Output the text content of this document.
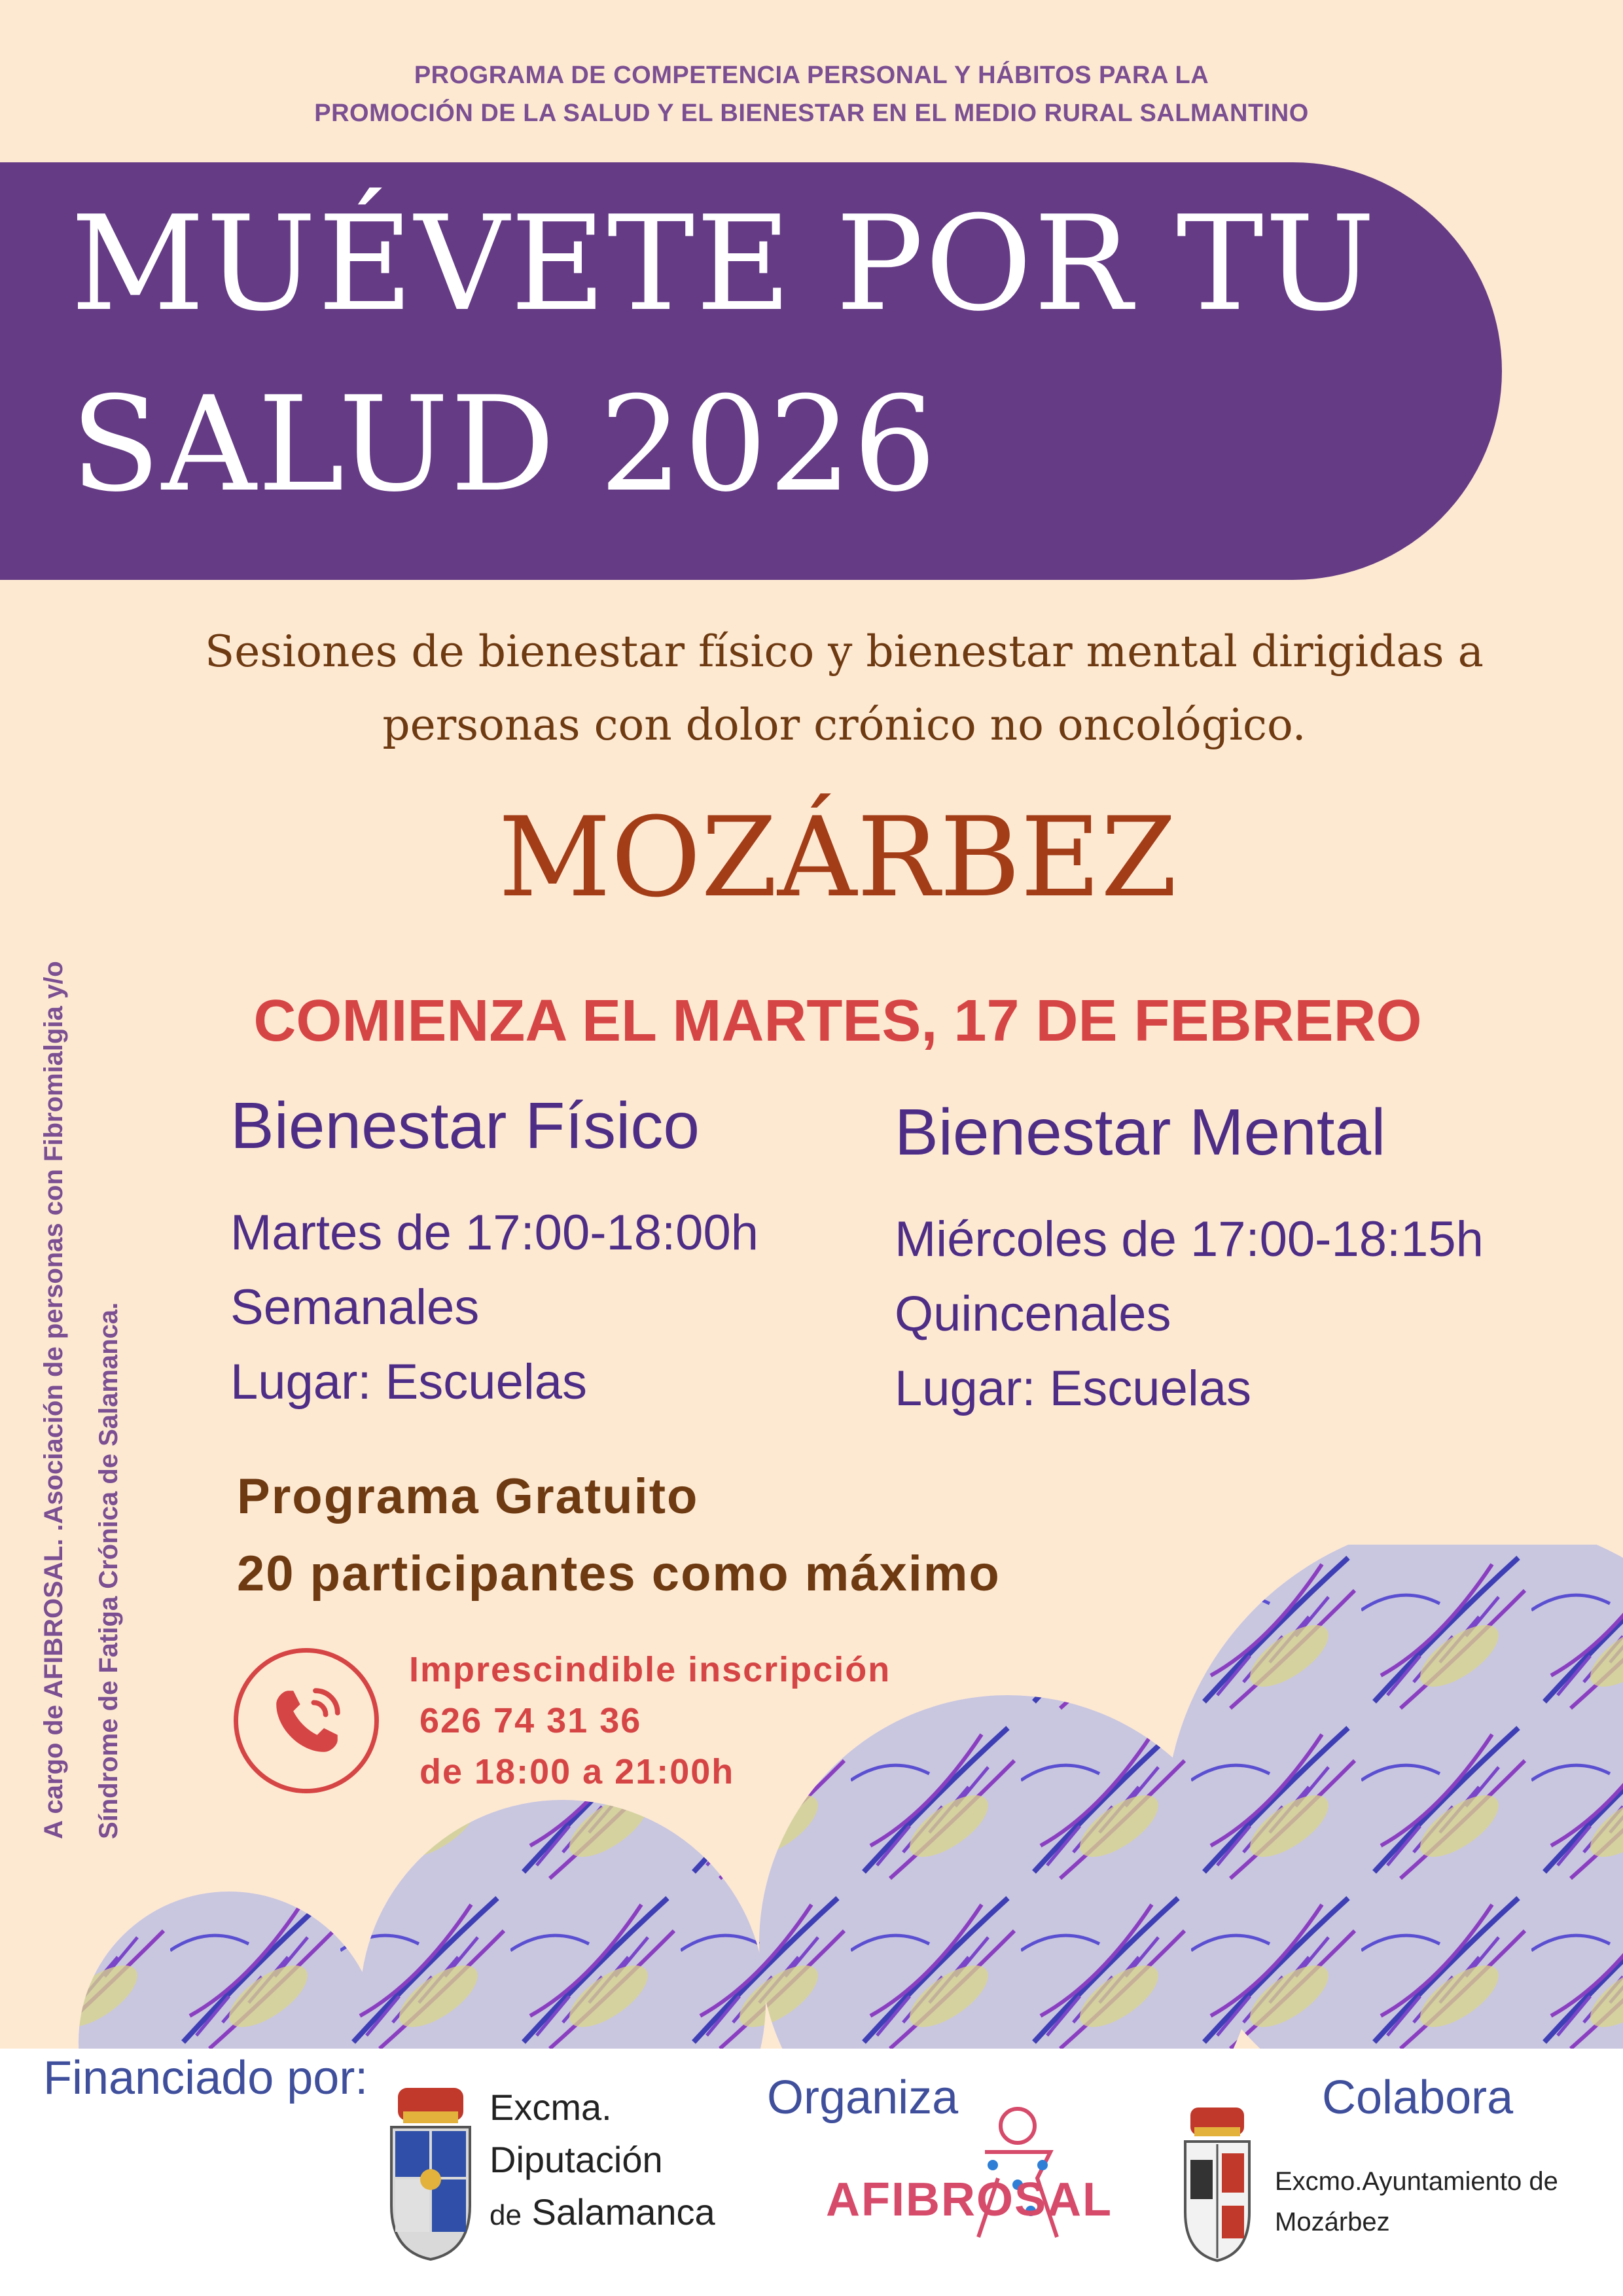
PROGRAMA DE COMPETENCIA PERSONAL Y HÁBITOS PARA LA
PROMOCIÓN DE LA SALUD Y EL BIENESTAR EN EL MEDIO RURAL SALMANTINO
MUÉVETE POR TU
SALUD 2026
A cargo de AFIBROSAL. .Asociación de personas con Fibromialgia y/o	Síndrome de Fatiga Crónica de Salamanca.
Sesiones de bienestar físico y bienestar mental dirigidas a
personas con dolor crónico no oncológico.
MOZÁRBEZ
COMIENZA EL MARTES, 17 DE FEBRERO
Bienestar Físico
Martes de 17:00-18:00h
Semanales
Lugar: Escuelas
Bienestar Mental
Miércoles de 17:00-18:15h
Quincenales
Lugar: Escuelas
Programa Gratuito
20 participantes como máximo
Imprescindible inscripción
626 74 31 36
de 18:00 a 21:00h
Financiado por:
Excma.
Diputación
de Salamanca
Organiza
AFIBROSAL
Colabora
Excmo.Ayuntamiento de
Mozárbez
